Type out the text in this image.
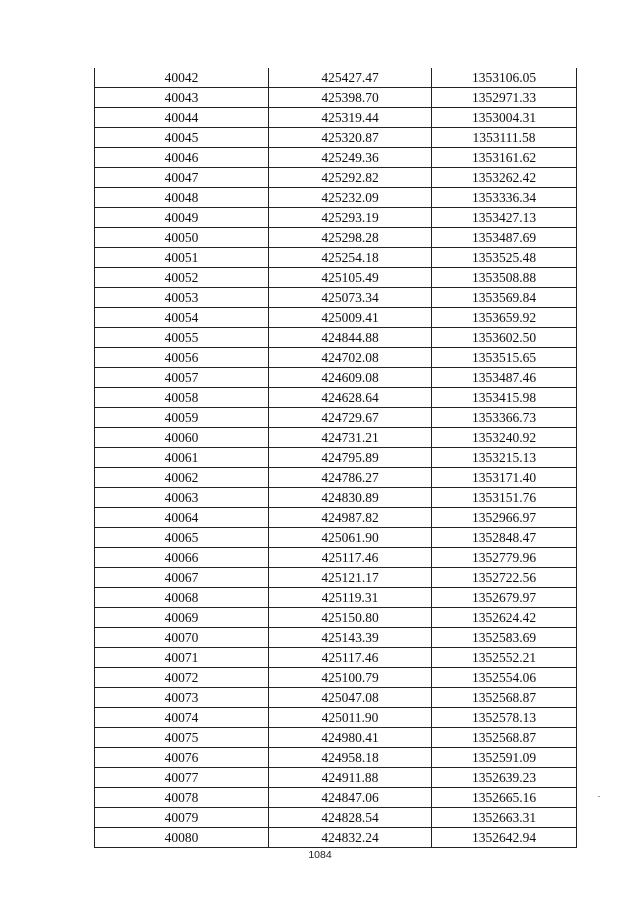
40042	425427.47	1353106.05
40043	425398.70	1352971.33
40044	425319.44	1353004.31
40045	425320.87	1353111.58
40046	425249.36	1353161.62
40047	425292.82	1353262.42
40048	425232.09	1353336.34
40049	425293.19	1353427.13
40050	425298.28	1353487.69
40051	425254.18	1353525.48
40052	425105.49	1353508.88
40053	425073.34	1353569.84
40054	425009.41	1353659.92
40055	424844.88	1353602.50
40056	424702.08	1353515.65
40057	424609.08	1353487.46
40058	424628.64	1353415.98
40059	424729.67	1353366.73
40060	424731.21	1353240.92
40061	424795.89	1353215.13
40062	424786.27	1353171.40
40063	424830.89	1353151.76
40064	424987.82	1352966.97
40065	425061.90	1352848.47
40066	425117.46	1352779.96
40067	425121.17	1352722.56
40068	425119.31	1352679.97
40069	425150.80	1352624.42
40070	425143.39	1352583.69
40071	425117.46	1352552.21
40072	425100.79	1352554.06
40073	425047.08	1352568.87
40074	425011.90	1352578.13
40075	424980.41	1352568.87
40076	424958.18	1352591.09
40077	424911.88	1352639.23
40078	424847.06	1352665.16
40079	424828.54	1352663.31
40080	424832.24	1352642.94
1084
